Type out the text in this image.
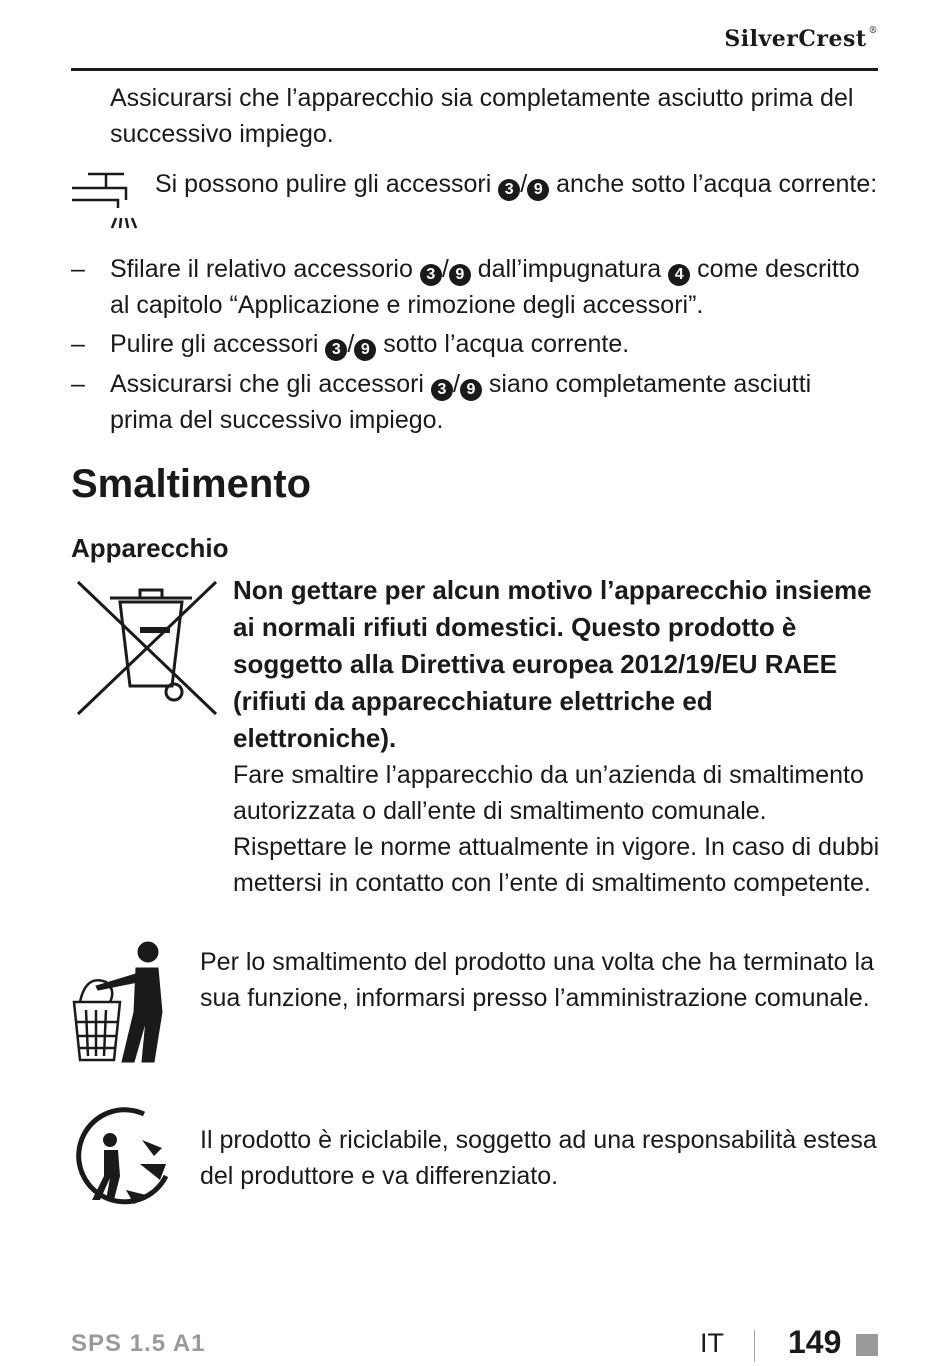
SilverCrest ®
Assicurarsi che l’apparecchio sia completamente asciutto prima del successivo impiego.
Si possono pulire gli accessori 3 / 9 anche sotto l’acqua corrente:
– Sfilare il relativo accessorio 3 / 9 dall’impugnatura 4 come descritto al capitolo “Applicazione e rimozione degli accessori”.
– Pulire gli accessori 3 / 9 sotto l’acqua corrente.
– Assicurarsi che gli accessori 3 / 9 siano completamente asciutti prima del successivo impiego.
Smaltimento
Apparecchio
Non gettare per alcun motivo l’apparecchio insieme ai normali rifiuti domestici. Questo prodotto è soggetto alla Direttiva europea 2012/19/EU RAEE (rifiuti da apparecchiature elettriche ed elettroniche).
Fare smaltire l’apparecchio da un’azienda di smaltimento autorizzata o dall’ente di smaltimento comunale. Rispettare le norme attualmente in vigore. In caso di dubbi mettersi in contatto con l’ente di smaltimento competente.
Per lo smaltimento del prodotto una volta che ha terminato la sua funzione, informarsi presso l’amministrazione comunale.
Il prodotto è riciclabile, soggetto ad una responsabilità estesa del produttore e va differenziato.
SPS 1.5 A1	IT 149
